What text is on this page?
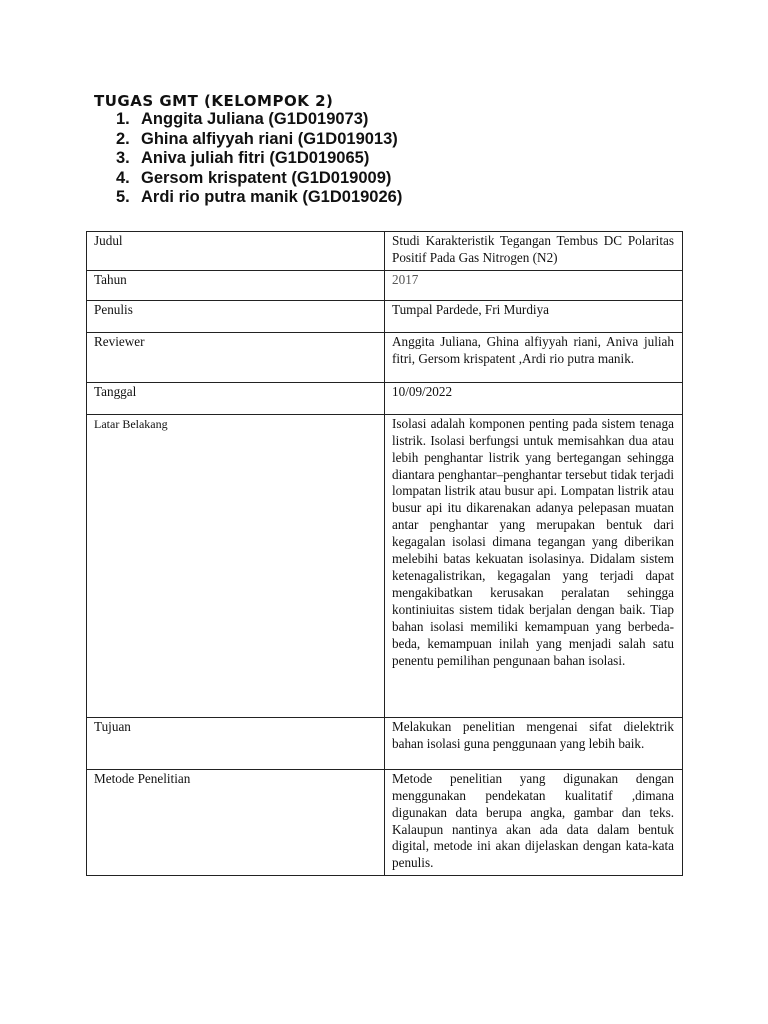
TUGAS GMT (KELOMPOK 2)
1. Anggita Juliana (G1D019073)
2. Ghina alfiyyah riani (G1D019013)
3. Aniva juliah fitri (G1D019065)
4. Gersom krispatent (G1D019009)
5. Ardi rio putra manik (G1D019026)
Judul	Studi Karakteristik Tegangan Tembus DC Polaritas Positif Pada Gas Nitrogen (N2)
Tahun	2017
Penulis	Tumpal Pardede, Fri Murdiya
Reviewer	Anggita Juliana, Ghina alfiyyah riani, Aniva juliah fitri, Gersom krispatent ,Ardi rio putra manik.
Tanggal	10/09/2022
Latar Belakang	Isolasi adalah komponen penting pada sistem tenaga listrik. Isolasi berfungsi untuk memisahkan dua atau lebih penghantar listrik yang bertegangan sehingga diantara penghantar–penghantar tersebut tidak terjadi lompatan listrik atau busur api. Lompatan listrik atau busur api itu dikarenakan adanya pelepasan muatan antar penghantar yang merupakan bentuk dari kegagalan isolasi dimana tegangan yang diberikan melebihi batas kekuatan isolasinya. Didalam sistem ketenagalistrikan, kegagalan yang terjadi dapat mengakibatkan kerusakan peralatan sehingga kontiniuitas sistem tidak berjalan dengan baik. Tiap bahan isolasi memiliki kemampuan yang berbeda-beda, kemampuan inilah yang menjadi salah satu penentu pemilihan pengunaan bahan isolasi.
Tujuan	Melakukan penelitian mengenai sifat dielektrik bahan isolasi guna penggunaan yang lebih baik.
Metode Penelitian	Metode penelitian yang digunakan dengan menggunakan pendekatan kualitatif ,dimana digunakan data berupa angka, gambar dan teks. Kalaupun nantinya akan ada data dalam bentuk digital, metode ini akan dijelaskan dengan kata-kata penulis.
